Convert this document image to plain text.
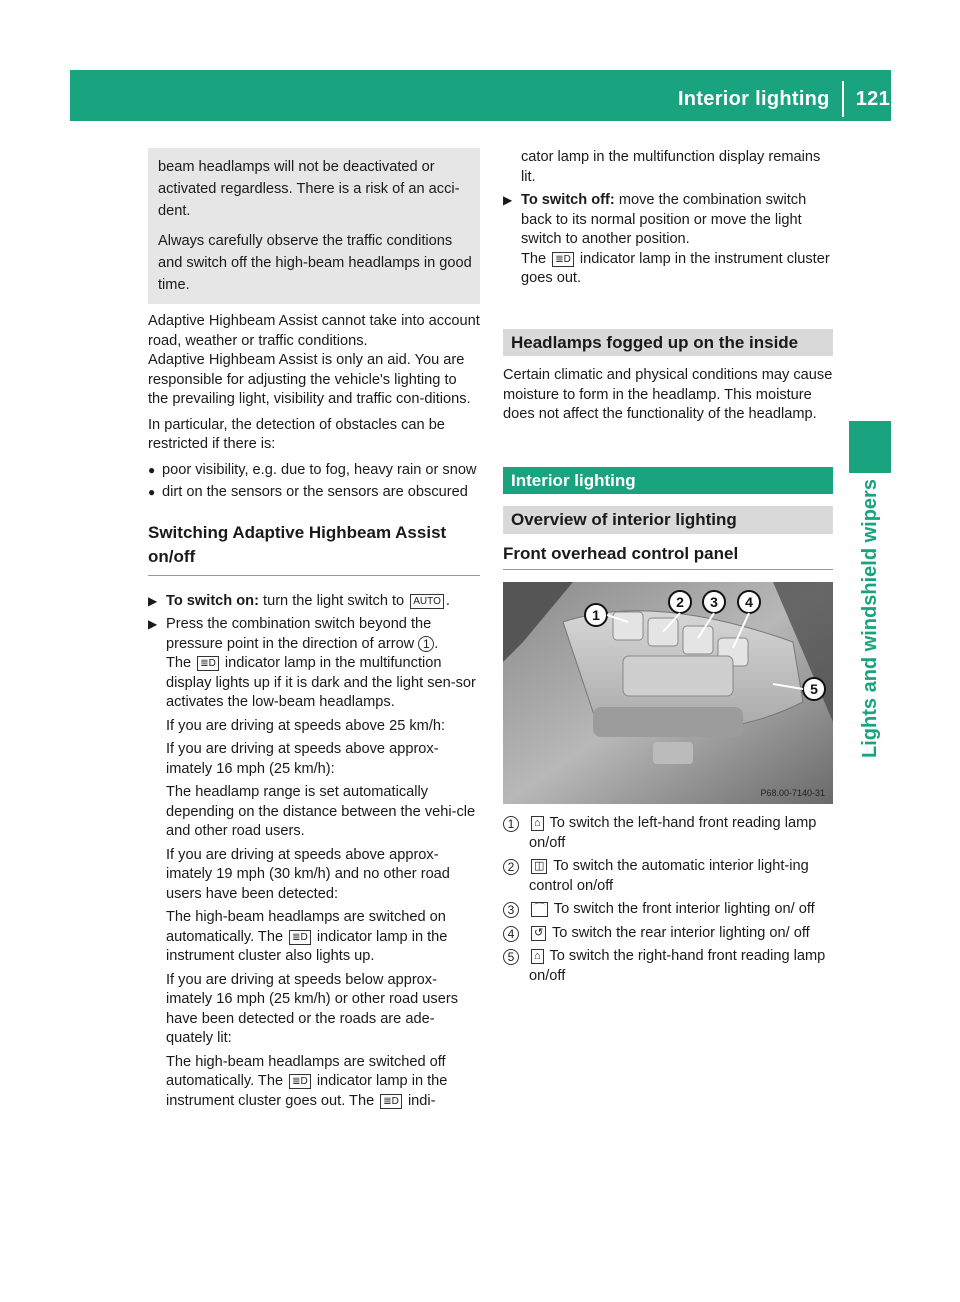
Interior lighting 121
Lights and windshield wipers

beam headlamps will not be deactivated or activated regardless. There is a risk of an acci-dent.

Always carefully observe the traffic conditions and switch off the high-beam headlamps in good time.

Adaptive Highbeam Assist cannot take into account road, weather or traffic conditions.
Adaptive Highbeam Assist is only an aid. You are responsible for adjusting the vehicle's lighting to the prevailing light, visibility and traffic con-ditions.

In particular, the detection of obstacles can be restricted if there is:

● poor visibility, e.g. due to fog, heavy rain or snow
● dirt on the sensors or the sensors are obscured
Switching Adaptive Highbeam Assist on/off
▶ To switch on: turn the light switch to AUTO .

▶ Press the combination switch beyond the pressure point in the direction of arrow 1 .
The ≣D indicator lamp in the multifunction display lights up if it is dark and the light sen-sor activates the low-beam headlamps.

If you are driving at speeds above 25 km/h:

If you are driving at speeds above approx-imately 16 mph (25 km/h):

The headlamp range is set automatically depending on the distance between the vehi-cle and other road users.

If you are driving at speeds above approx-imately 19 mph (30 km/h) and no other road users have been detected:

The high-beam headlamps are switched on automatically. The ≣D indicator lamp in the instrument cluster also lights up.

If you are driving at speeds below approx-imately 16 mph (25 km/h) or other road users have been detected or the roads are ade-quately lit:

The high-beam headlamps are switched off automatically. The ≣D indicator lamp in the instrument cluster goes out. The ≣D indi-

cator lamp in the multifunction display remains lit.

▶ To switch off: move the combination switch back to its normal position or move the light switch to another position.
The ≣D indicator lamp in the instrument cluster goes out.

Headlamps fogged up on the inside

Certain climatic and physical conditions may cause moisture to form in the headlamp. This moisture does not affect the functionality of the headlamp.

Interior lighting
Overview of interior lighting
Front overhead control panel
1
2 3 4
5
P68.00-7140-31
1	⌂ To switch the left-hand front reading lamp on/off
2	◫ To switch the automatic interior light-ing control on/off
3	⌒ To switch the front interior lighting on/ off
4	↺ To switch the rear interior lighting on/ off
5	⌂ To switch the right-hand front reading lamp on/off
